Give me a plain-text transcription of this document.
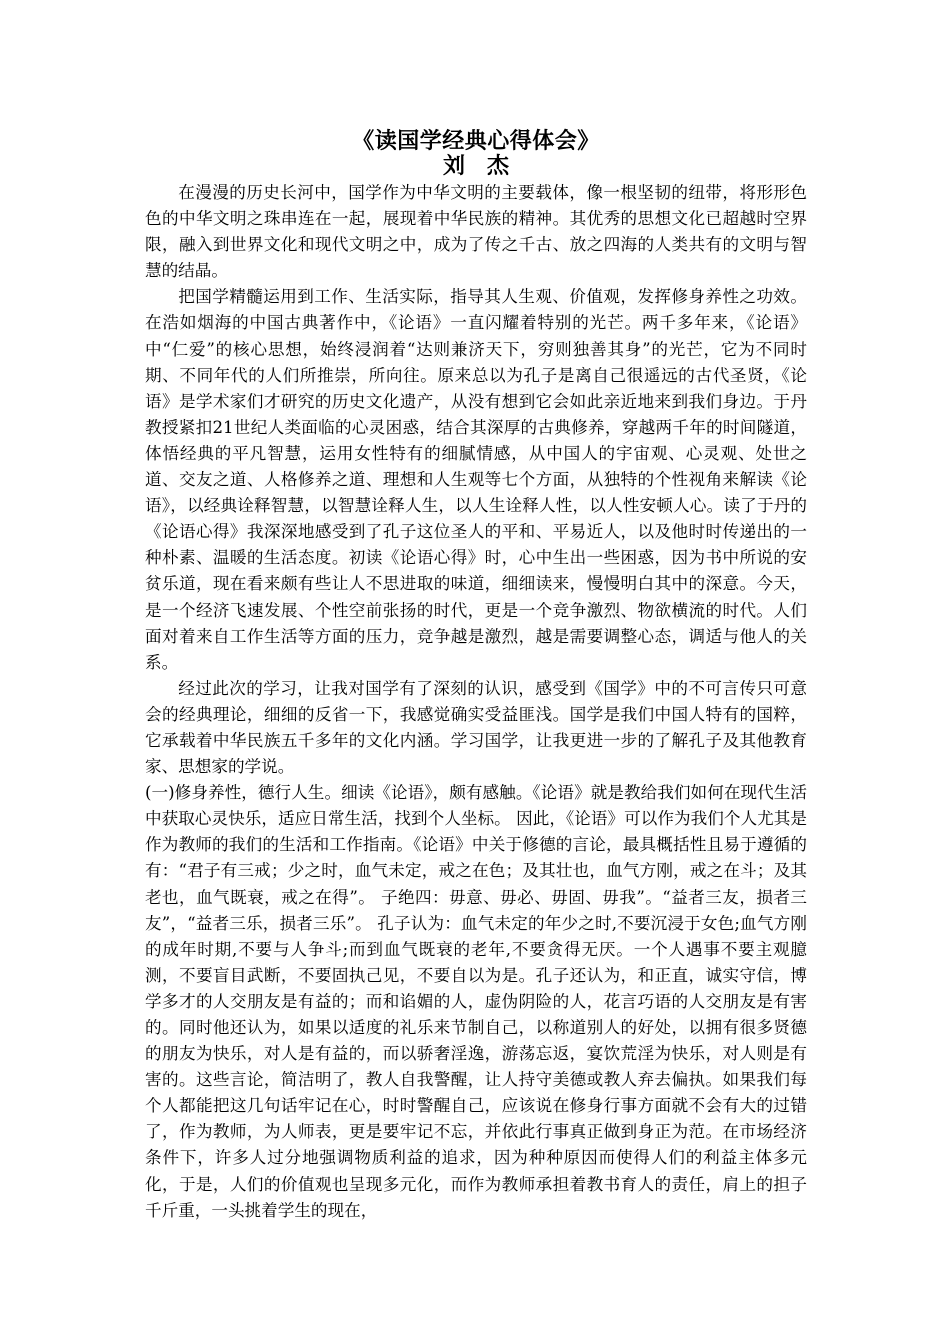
《读国学经典心得体会》
刘　杰

在漫漫的历史长河中，国学作为中华文明的主要载体，像一根坚韧的纽带，将形形色色的中华文明之珠串连在一起，展现着中华民族的精神。其优秀的思想文化已超越时空界限，融入到世界文化和现代文明之中，成为了传之千古、放之四海的人类共有的文明与智慧的结晶。

把国学精髓运用到工作、生活实际，指导其人生观、价值观，发挥修身养性之功效。 在浩如烟海的中国古典著作中，《论语》一直闪耀着特别的光芒。两千多年来，《论语》中“仁爱”的核心思想，始终浸润着“达则兼济天下，穷则独善其身”的光芒，它为不同时期、不同年代的人们所推崇，所向往。原来总以为孔子是离自己很遥远的古代圣贤，《论语》是学术家们才研究的历史文化遗产，从没有想到它会如此亲近地来到我们身边。于丹教授紧扣21世纪人类面临的心灵困惑，结合其深厚的古典修养，穿越两千年的时间隧道，体悟经典的平凡智慧，运用女性特有的细腻情感，从中国人的宇宙观、心灵观、处世之道、交友之道、人格修养之道、理想和人生观等七个方面，从独特的个性视角来解读《论语》，以经典诠释智慧，以智慧诠释人生，以人生诠释人性，以人性安顿人心。读了于丹的《论语心得》我深深地感受到了孔子这位圣人的平和、平易近人，以及他时时传递出的一种朴素、温暖的生活态度。初读《论语心得》时，心中生出一些困惑，因为书中所说的安贫乐道，现在看来颇有些让人不思进取的味道，细细读来，慢慢明白其中的深意。今天，是一个经济飞速发展、个性空前张扬的时代，更是一个竞争激烈、物欲横流的时代。人们面对着来自工作生活等方面的压力，竞争越是激烈，越是需要调整心态，调适与他人的关系。

经过此次的学习，让我对国学有了深刻的认识，感受到《国学》中的不可言传只可意会的经典理论，细细的反省一下，我感觉确实受益匪浅。国学是我们中国人特有的国粹，它承载着中华民族五千多年的文化内涵。学习国学，让我更进一步的了解孔子及其他教育家、思想家的学说。

(一)修身养性，德行人生。细读《论语》，颇有感触。《论语》就是教给我们如何在现代生活中获取心灵快乐，适应日常生活，找到个人坐标。 因此，《论语》可以作为我们个人尤其是作为教师的我们的生活和工作指南。《论语》中关于修德的言论，最具概括性且易于遵循的有：“君子有三戒；少之时，血气未定，戒之在色；及其壮也，血气方刚，戒之在斗；及其老也，血气既衰，戒之在得”。 子绝四：毋意、毋必、毋固、毋我”。“益者三友，损者三友”，“益者三乐，损者三乐”。 孔子认为：血气未定的年少之时,不要沉浸于女色;血气方刚的成年时期,不要与人争斗;而到血气既衰的老年,不要贪得无厌。一个人遇事不要主观臆测，不要盲目武断，不要固执己见，不要自以为是。孔子还认为，和正直，诚实守信，博学多才的人交朋友是有益的；而和谄媚的人，虚伪阴险的人，花言巧语的人交朋友是有害的。同时他还认为，如果以适度的礼乐来节制自己，以称道别人的好处，以拥有很多贤德的朋友为快乐，对人是有益的，而以骄奢淫逸，游荡忘返，宴饮荒淫为快乐，对人则是有害的。这些言论，简洁明了，教人自我警醒，让人持守美德或教人弃去偏执。如果我们每个人都能把这几句话牢记在心，时时警醒自己，应该说在修身行事方面就不会有大的过错了，作为教师，为人师表，更是要牢记不忘，并依此行事真正做到身正为范。在市场经济条件下，许多人过分地强调物质利益的追求，因为种种原因而使得人们的利益主体多元化，于是，人们的价值观也呈现多元化，而作为教师承担着教书育人的责任，肩上的担子千斤重，一头挑着学生的现在，
